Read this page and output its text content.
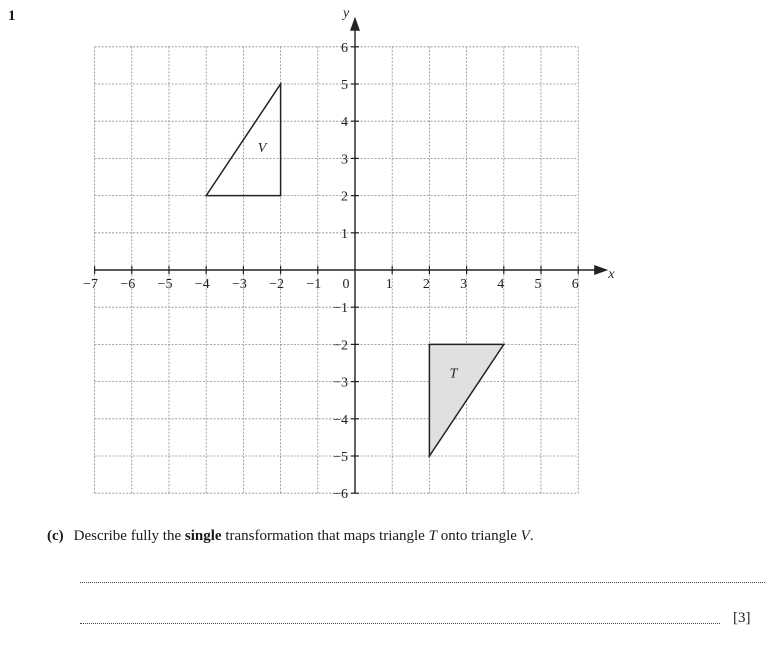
1
x
y
−7 −6 −5 −4 −3 −2 −1 0	1 2 3 4 5 6
6
5
4
3
2
1
−1
−2
−3
−4
−5
−6
V
T
(c) Describe fully the single transformation that maps triangle T onto triangle V.
[3]
